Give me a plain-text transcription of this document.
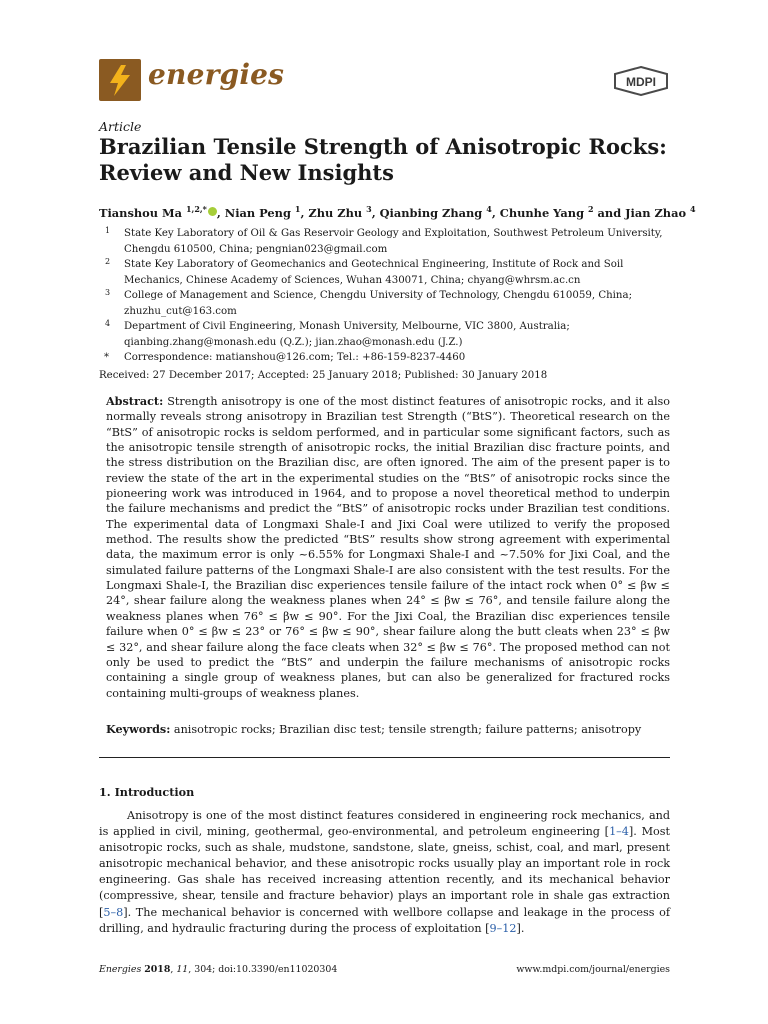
energies	MDPI
Article
Brazilian Tensile Strength of Anisotropic Rocks: Review and New Insights
Tianshou Ma $^{1,2,*}$ , Nian Peng $^1$, Zhu Zhu $^3$, Qianbing Zhang $^4$, Chunhe Yang $^2$ and Jian Zhao $^4$
1 State Key Laboratory of Oil & Gas Reservoir Geology and Exploitation, Southwest Petroleum University, Chengdu 610500, China; pengnian023@gmail.com
2 State Key Laboratory of Geomechanics and Geotechnical Engineering, Institute of Rock and Soil Mechanics, Chinese Academy of Sciences, Wuhan 430071, China; chyang@whrsm.ac.cn
3 College of Management and Science, Chengdu University of Technology, Chengdu 610059, China; zhuzhu_cut@163.com
4 Department of Civil Engineering, Monash University, Melbourne, VIC 3800, Australia; qianbing.zhang@monash.edu (Q.Z.); jian.zhao@monash.edu (J.Z.)
* Correspondence: matianshou@126.com; Tel.: +86-159-8237-4460
Received: 27 December 2017; Accepted: 25 January 2018; Published: 30 January 2018

Abstract: Strength anisotropy is one of the most distinct features of anisotropic rocks, and it also normally reveals strong anisotropy in Brazilian test Strength (“BtS”). Theoretical research on the “BtS” of anisotropic rocks is seldom performed, and in particular some significant factors, such as the anisotropic tensile strength of anisotropic rocks, the initial Brazilian disc fracture points, and the stress distribution on the Brazilian disc, are often ignored. The aim of the present paper is to review the state of the art in the experimental studies on the “BtS” of anisotropic rocks since the pioneering work was introduced in 1964, and to propose a novel theoretical method to underpin the failure mechanisms and predict the “BtS” of anisotropic rocks under Brazilian test conditions. The experimental data of Longmaxi Shale-I and Jixi Coal were utilized to verify the proposed method. The results show the predicted “BtS” results show strong agreement with experimental data, the maximum error is only ~6.55% for Longmaxi Shale-I and ~7.50% for Jixi Coal, and the simulated failure patterns of the Longmaxi Shale-I are also consistent with the test results. For the Longmaxi Shale-I, the Brazilian disc experiences tensile failure of the intact rock when 0° ≤ βw ≤ 24°, shear failure along the weakness planes when 24° ≤ βw ≤ 76°, and tensile failure along the weakness planes when 76° ≤ βw ≤ 90°. For the Jixi Coal, the Brazilian disc experiences tensile failure when 0° ≤ βw ≤ 23° or 76° ≤ βw ≤ 90°, shear failure along the butt cleats when 23° ≤ βw ≤ 32°, and shear failure along the face cleats when 32° ≤ βw ≤ 76°. The proposed method can not only be used to predict the “BtS” and underpin the failure mechanisms of anisotropic rocks containing a single group of weakness planes, but can also be generalized for fractured rocks containing multi-groups of weakness planes.

Keywords: anisotropic rocks; Brazilian disc test; tensile strength; failure patterns; anisotropy
1. Introduction

Anisotropy is one of the most distinct features considered in engineering rock mechanics, and is applied in civil, mining, geothermal, geo-environmental, and petroleum engineering [1–4]. Most anisotropic rocks, such as shale, mudstone, sandstone, slate, gneiss, schist, coal, and marl, present anisotropic mechanical behavior, and these anisotropic rocks usually play an important role in rock engineering. Gas shale has received increasing attention recently, and its mechanical behavior (compressive, shear, tensile and fracture behavior) plays an important role in shale gas extraction [5–8]. The mechanical behavior is concerned with wellbore collapse and leakage in the process of drilling, and hydraulic fracturing during the process of exploitation [9–12].

Energies 2018, 11, 304; doi:10.3390/en11020304	www.mdpi.com/journal/energies
